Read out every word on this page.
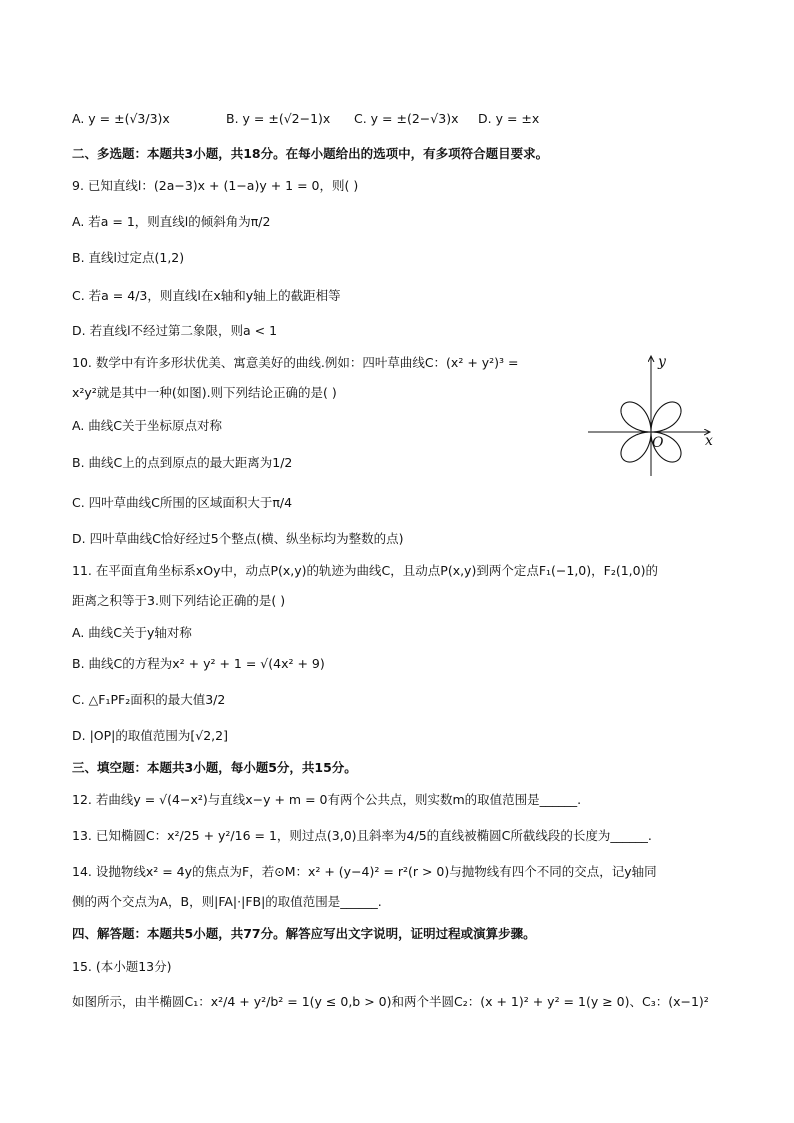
A. y = ±(√3/3)x	B. y = ±(√2−1)x C. y = ±(2−√3)x D. y = ±x
二、多选题：本题共3小题，共18分。在每小题给出的选项中，有多项符合题目要求。
9. 已知直线l：(2a−3)x + (1−a)y + 1 = 0，则( )
A. 若a = 1，则直线l的倾斜角为π/2
B. 直线l过定点(1,2)
C. 若a = 4/3，则直线l在x轴和y轴上的截距相等
D. 若直线l不经过第二象限，则a < 1
10. 数学中有许多形状优美、寓意美好的曲线.例如：四叶草曲线C：(x² + y²)³ =
x²y²就是其中一种(如图).则下列结论正确的是( )
A. 曲线C关于坐标原点对称
B. 曲线C上的点到原点的最大距离为1/2
C. 四叶草曲线C所围的区域面积大于π/4
D. 四叶草曲线C恰好经过5个整点(横、纵坐标均为整数的点)
y
x
O
11. 在平面直角坐标系xOy中，动点P(x,y)的轨迹为曲线C，且动点P(x,y)到两个定点F₁(−1,0)，F₂(1,0)的
距离之积等于3.则下列结论正确的是( )
A. 曲线C关于y轴对称
B. 曲线C的方程为x² + y² + 1 = √(4x² + 9)
C. △F₁PF₂面积的最大值3/2
D. |OP|的取值范围为[√2,2]
三、填空题：本题共3小题，每小题5分，共15分。
12. 若曲线y = √(4−x²)与直线x−y + m = 0有两个公共点，则实数m的取值范围是______.
13. 已知椭圆C：x²/25 + y²/16 = 1，则过点(3,0)且斜率为4/5的直线被椭圆C所截线段的长度为______.
14. 设抛物线x² = 4y的焦点为F，若⊙M：x² + (y−4)² = r²(r > 0)与抛物线有四个不同的交点，记y轴同
侧的两个交点为A，B，则|FA|·|FB|的取值范围是______.
四、解答题：本题共5小题，共77分。解答应写出文字说明，证明过程或演算步骤。
15. (本小题13分)
如图所示，由半椭圆C₁：x²/4 + y²/b² = 1(y ≤ 0,b > 0)和两个半圆C₂：(x + 1)² + y² = 1(y ≥ 0)、C₃：(x−1)²
